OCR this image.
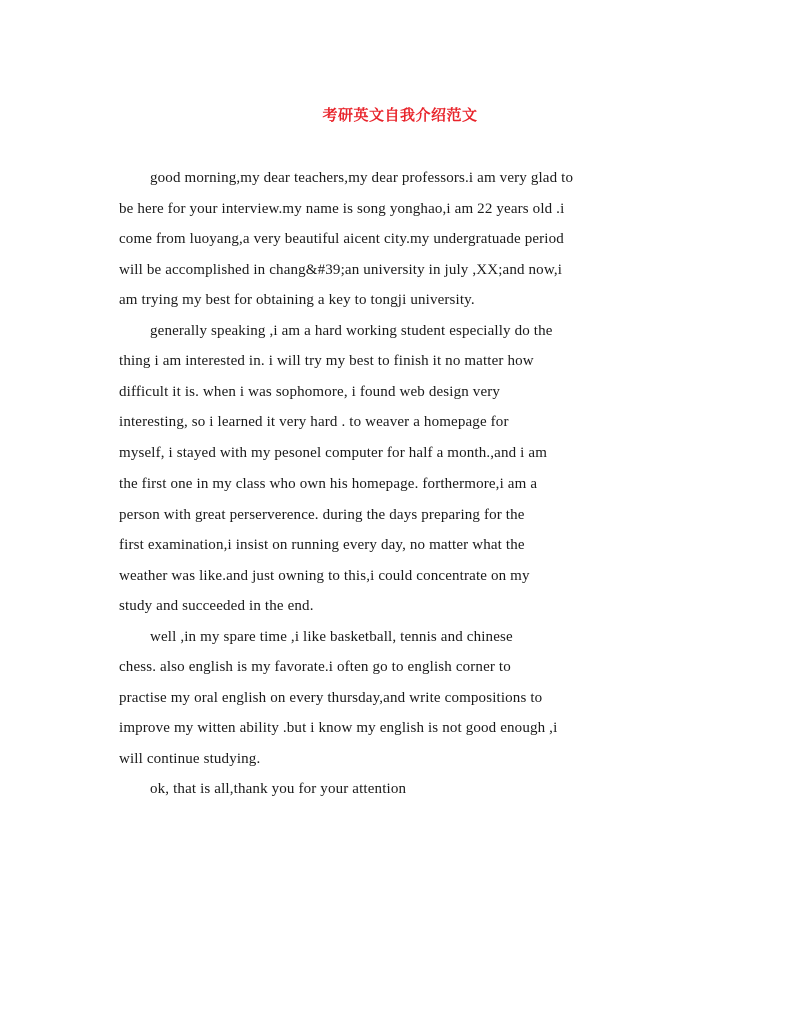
考研英文自我介绍范文
good morning,my dear teachers,my dear professors.i am very glad to
be here for your interview.my name is song yonghao,i am 22 years old .i
come from luoyang,a very beautiful aicent city.my undergratuade period
will be accomplished in chang&#39;an university in july ,XX;and now,i
am trying my best for obtaining a key to tongji university.
generally speaking ,i am a hard working student especially do the
thing i am interested in. i will try my best to finish it no matter how
difficult it is. when i was sophomore, i found web design very
interesting, so i learned it very hard . to weaver a homepage for
myself, i stayed with my pesonel computer for half a month.,and i am
the first one in my class who own his homepage. forthermore,i am a
person with great perserverence. during the days preparing for the
first examination,i insist on running every day, no matter what the
weather was like.and just owning to this,i could concentrate on my
study and succeeded in the end.
well ,in my spare time ,i like basketball, tennis and chinese
chess. also english is my favorate.i often go to english corner to
practise my oral english on every thursday,and write compositions to
improve my witten ability .but i know my english is not good enough ,i
will continue studying.
ok, that is all,thank you for your attention
